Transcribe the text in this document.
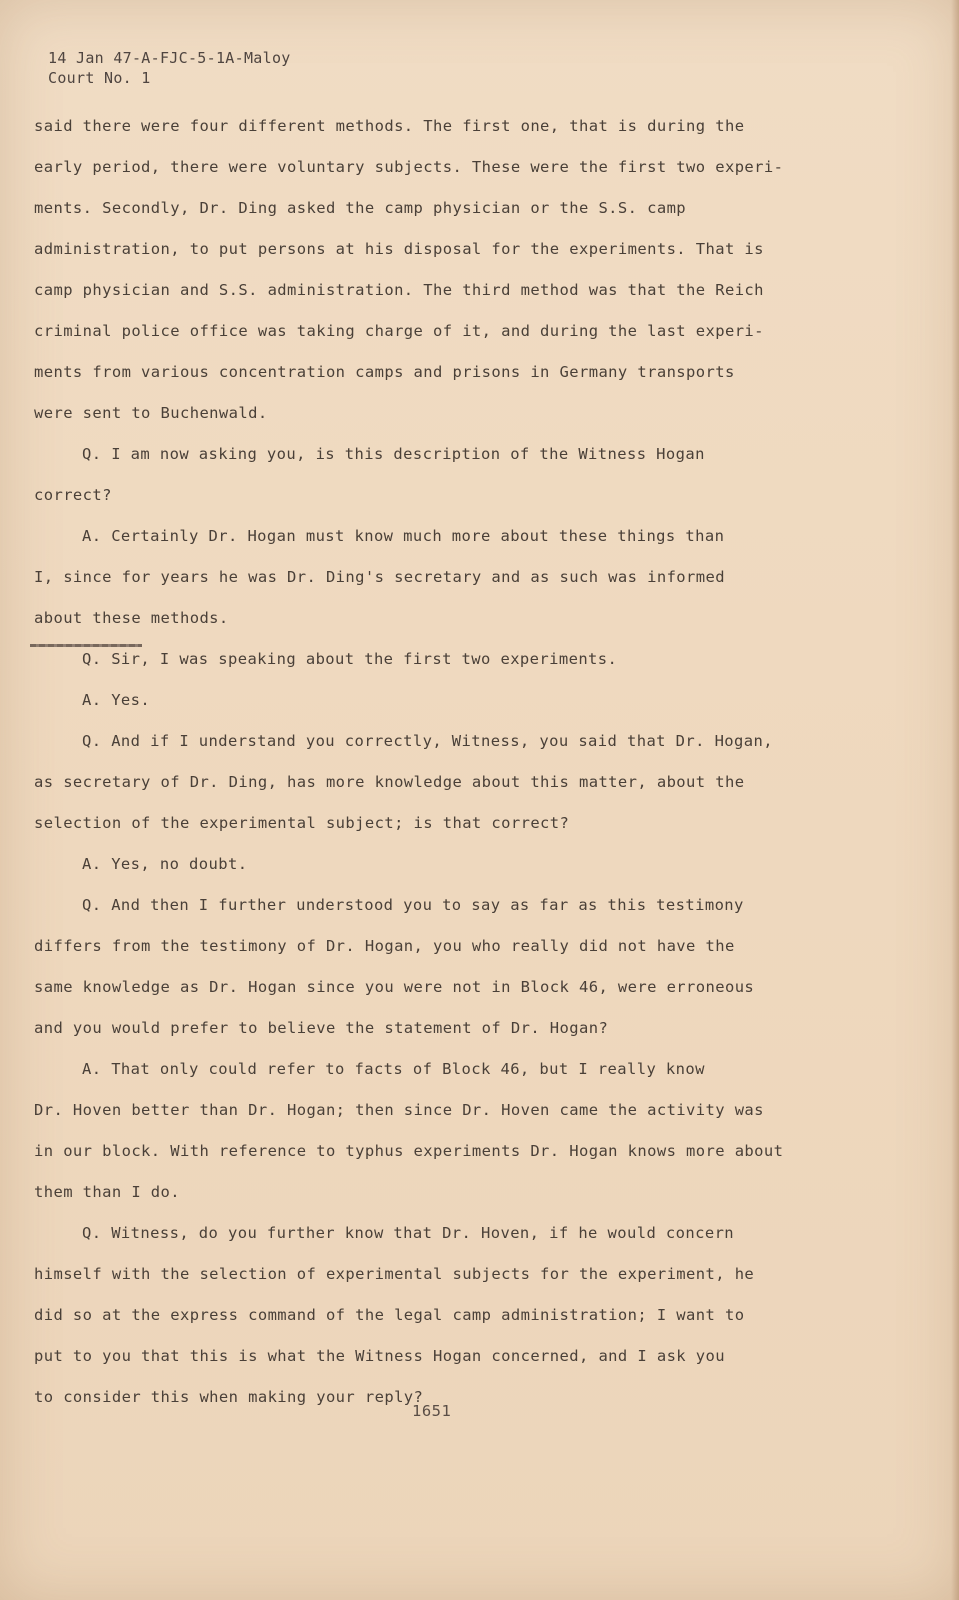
14 Jan 47-A-FJC-5-1A-Maloy
Court No. 1
said there were four different methods. The first one, that is during the
early period, there were voluntary subjects. These were the first two experi-
ments. Secondly, Dr. Ding asked the camp physician or the S.S. camp
administration, to put persons at his disposal for the experiments. That is
camp physician and S.S. administration. The third method was that the Reich
criminal police office was taking charge of it, and during the last experi-
ments from various concentration camps and prisons in Germany transports
were sent to Buchenwald.
Q. I am now asking you, is this description of the Witness Hogan
correct?
A. Certainly Dr. Hogan must know much more about these things than
I, since for years he was Dr. Ding's secretary and as such was informed
about these methods.
Q. Sir, I was speaking about the first two experiments.
A. Yes.
Q. And if I understand you correctly, Witness, you said that Dr. Hogan,
as secretary of Dr. Ding, has more knowledge about this matter, about the
selection of the experimental subject; is that correct?
A. Yes, no doubt.
Q. And then I further understood you to say as far as this testimony
differs from the testimony of Dr. Hogan, you who really did not have the
same knowledge as Dr. Hogan since you were not in Block 46, were erroneous
and you would prefer to believe the statement of Dr. Hogan?
A. That only could refer to facts of Block 46, but I really know
Dr. Hoven better than Dr. Hogan; then since Dr. Hoven came the activity was
in our block. With reference to typhus experiments Dr. Hogan knows more about
them than I do.
Q. Witness, do you further know that Dr. Hoven, if he would concern
himself with the selection of experimental subjects for the experiment, he
did so at the express command of the legal camp administration; I want to
put to you that this is what the Witness Hogan concerned, and I ask you
to consider this when making your reply?
1651
